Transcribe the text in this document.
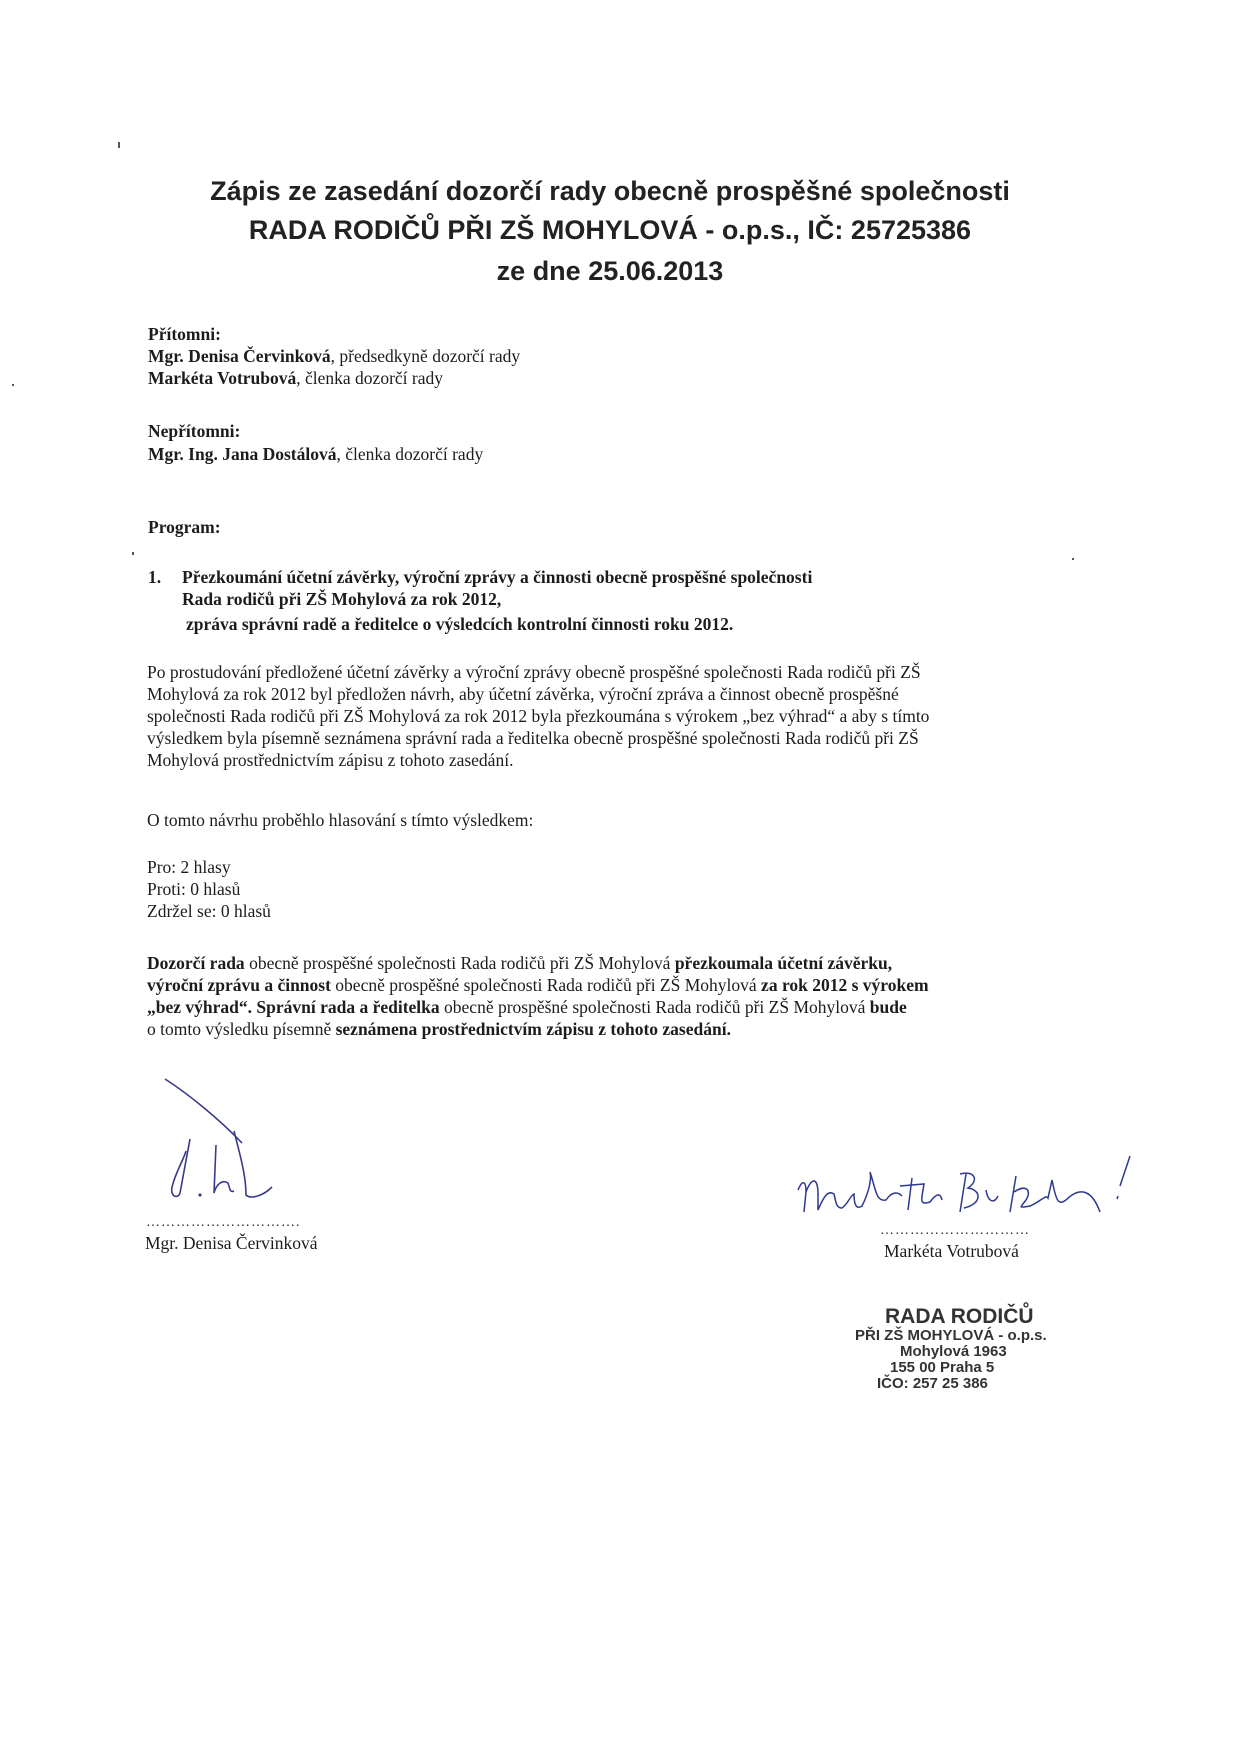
Zápis ze zasedání dozorčí rady obecně prospěšné společnosti
RADA RODIČŮ PŘI ZŠ MOHYLOVÁ - o.p.s., IČ: 25725386
ze dne 25.06.2013
Přítomni:
Mgr. Denisa Červinková, předsedkyně dozorčí rady
Markéta Votrubová, členka dozorčí rady
Nepřítomni:
Mgr. Ing. Jana Dostálová, členka dozorčí rady
Program:
1. Přezkoumání účetní závěrky, výroční zprávy a činnosti obecně prospěšné společnosti
Rada rodičů při ZŠ Mohylová za rok 2012,
zpráva správní radě a ředitelce o výsledcích kontrolní činnosti roku 2012.
Po prostudování předložené účetní závěrky a výroční zprávy obecně prospěšné společnosti Rada rodičů při ZŠ
Mohylová za rok 2012 byl předložen návrh, aby účetní závěrka, výroční zpráva a činnost obecně prospěšné
společnosti Rada rodičů při ZŠ Mohylová za rok 2012 byla přezkoumána s výrokem „bez výhrad“ a aby s tímto
výsledkem byla písemně seznámena správní rada a ředitelka obecně prospěšné společnosti Rada rodičů při ZŠ
Mohylová prostřednictvím zápisu z tohoto zasedání.
O tomto návrhu proběhlo hlasování s tímto výsledkem:
Pro: 2 hlasy
Proti: 0 hlasů
Zdržel se: 0 hlasů
Dozorčí rada obecně prospěšné společnosti Rada rodičů při ZŠ Mohylová přezkoumala účetní závěrku,
výroční zprávu a činnost obecně prospěšné společnosti Rada rodičů při ZŠ Mohylová za rok 2012 s výrokem
„bez výhrad“. Správní rada a ředitelka obecně prospěšné společnosti Rada rodičů při ZŠ Mohylová bude
o tomto výsledku písemně seznámena prostřednictvím zápisu z tohoto zasedání.
………………………….
Mgr. Denisa Červinková
…………………………
Markéta Votrubová
RADA RODIČŮ
PŘI ZŠ MOHYLOVÁ - o.p.s.
Mohylová 1963
155 00 Praha 5
IČO: 257 25 386
